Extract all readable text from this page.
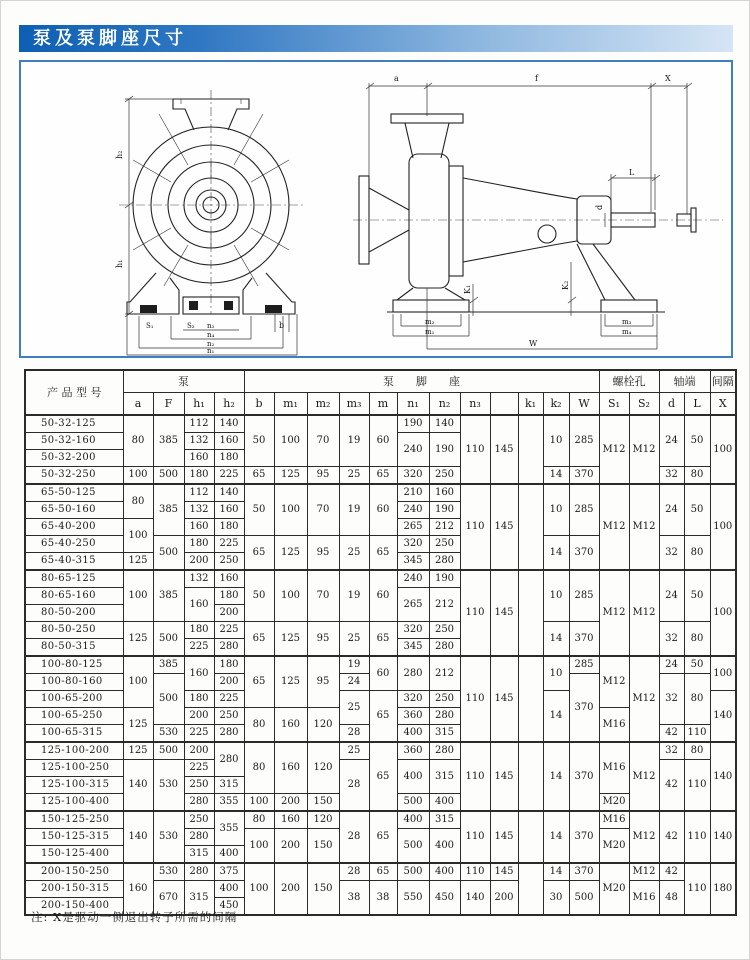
泵及泵脚座尺寸
h₂
h₁
S₁	S₂ n₃
n₄
n₂
n₁
b
a	f	X
L
d
K₁	K₂
m₂
m₁
m₃
m₄
W
产 品 型 号	泵				泵　　脚　　座												螺栓孔		轴端		间隔
	a	F	h₁	h₂	b	m₁	m₂	m₃	m	n₁	n₂	n₃		k₁	k₂	W	S₁	S₂	d	L	X
50-32-125	80	385	112	140	50	100	70	19	60	190	140	110	145		10	285	M12	M12	24	50	100
50-32-160			132	160						240	190										
50-32-200			160	180																	
50-32-250	100	500	180	225	65	125	95	25	65	320	250				14	370			32	80	
65-50-125	80	385	112	140	50	100	70	19	60	210	160	110	145		10	285	M12	M12	24	50	100
65-50-160			132	160						240	190										
65-40-200	100		160	180						265	212										
65-40-250		500	180	225	65	125	95	25	65	320	250				14	370			32	80	
65-40-315	125		200	250						345	280										
80-65-125	100	385	132	160	50	100	70	19	60	240	190	110	145		10	285	M12	M12	24	50	100
80-65-160			160	180						265	212										
80-50-200				200																	
80-50-250	125	500	180	225	65	125	95	25	65	320	250				14	370			32	80	
80-50-315			225	280						345	280										
100-80-125	100	385	160	180	65	125	95	19	60	280	212	110	145		10	285	M12	M12	24	50	100
100-80-160		500		200				24								370			32	80	
100-65-200			180	225				25	65	320	250				14						140
100-65-250	125		200	250	80	160	120			360	280						M16				
100-65-315		530	225	280				28		400	315								42	110	
125-100-200	125	500	200	280	80	160	120	25	65	360	280	110	145		14	370	M16	M12	32	80	140
125-100-250	140	530	225					28		400	315								42	110	
125-100-315			250	315																	
125-100-400			280	355	100	200	150			500	400						M20				
150-125-250	140	530	250	355	80	160	120	28	65	400	315	110	145		14	370	M16	M12	42	110	140
150-125-315			280		100	200	150			500	400						M20				
150-125-400			315	400																	
200-150-250	160	530	280	375	100	200	150	28	65	500	400	110	145		14	370	M20	M12	42	110	180
200-150-315		670	315	400				38	38	550	450	140	200		30	500		M16	48		
200-150-400				450																	
注: X是驱动一侧退出转子所需的间隔
